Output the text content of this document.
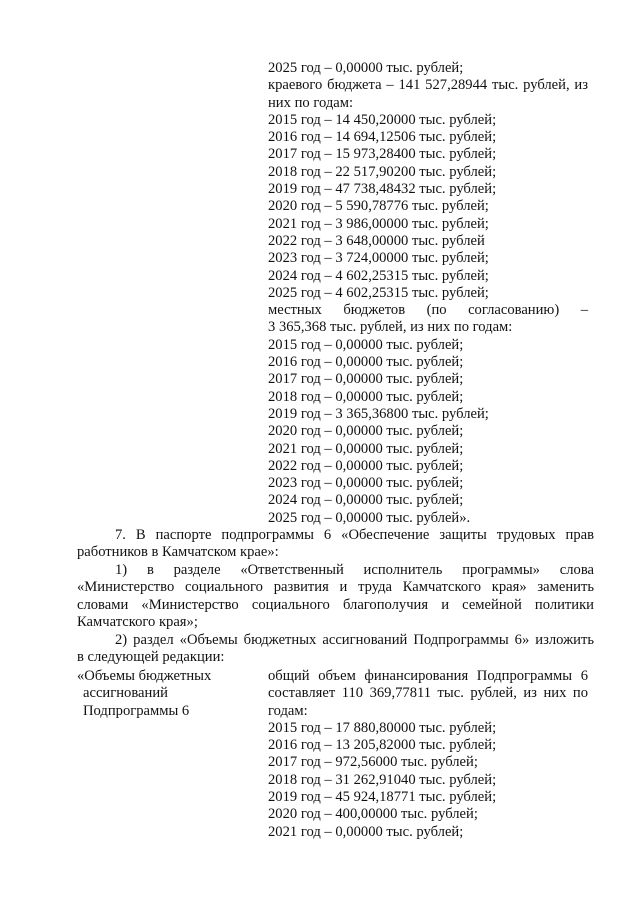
2025 год – 0,00000 тыс. рублей;
краевого бюджета – 141 527,28944 тыс. рублей, из
них по годам:
2015 год – 14 450,20000 тыс. рублей;
2016 год – 14 694,12506 тыс. рублей;
2017 год – 15 973,28400 тыс. рублей;
2018 год – 22 517,90200 тыс. рублей;
2019 год – 47 738,48432 тыс. рублей;
2020 год – 5 590,78776 тыс. рублей;
2021 год – 3 986,00000 тыс. рублей;
2022 год – 3 648,00000 тыс. рублей
2023 год – 3 724,00000 тыс. рублей;
2024 год – 4 602,25315 тыс. рублей;
2025 год – 4 602,25315 тыс. рублей;
местных бюджетов (по согласованию) –
3 365,368 тыс. рублей, из них по годам:
2015 год – 0,00000 тыс. рублей;
2016 год – 0,00000 тыс. рублей;
2017 год – 0,00000 тыс. рублей;
2018 год – 0,00000 тыс. рублей;
2019 год – 3 365,36800 тыс. рублей;
2020 год – 0,00000 тыс. рублей;
2021 год – 0,00000 тыс. рублей;
2022 год – 0,00000 тыс. рублей;
2023 год – 0,00000 тыс. рублей;
2024 год – 0,00000 тыс. рублей;
2025 год – 0,00000 тыс. рублей».
7. В паспорте подпрограммы 6 «Обеспечение защиты трудовых прав
работников в Камчатском крае»:
1) в разделе «Ответственный исполнитель программы» слова
«Министерство социального развития и труда Камчатского края» заменить
словами «Министерство социального благополучия и семейной политики
Камчатского края»;
2) раздел «Объемы бюджетных ассигнований Подпрограммы 6» изложить
в следующей редакции:
«Объемы бюджетных
ассигнований
Подпрограммы 6
общий объем финансирования Подпрограммы 6
составляет 110 369,77811 тыс. рублей, из них по
годам:
2015 год – 17 880,80000 тыс. рублей;
2016 год – 13 205,82000 тыс. рублей;
2017 год – 972,56000 тыс. рублей;
2018 год – 31 262,91040 тыс. рублей;
2019 год – 45 924,18771 тыс. рублей;
2020 год – 400,00000 тыс. рублей;
2021 год – 0,00000 тыс. рублей;
